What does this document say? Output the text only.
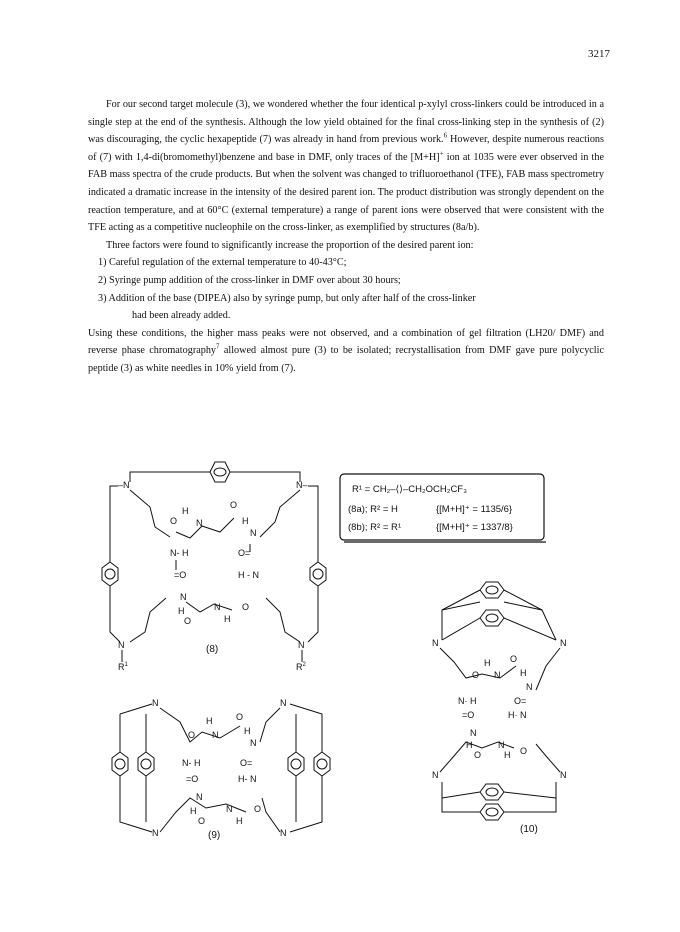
3217

For our second target molecule (3), we wondered whether the four identical p-xylyl cross-linkers could be introduced in a single step at the end of the synthesis. Although the low yield obtained for the final cross-linking step in the synthesis of (2) was discouraging, the cyclic hexapeptide (7) was already in hand from previous work.$^6$ However, despite numerous reactions of (7) with 1,4-di(bromomethyl)benzene and base in DMF, only traces of the [M+H]+ ion at 1035 were ever observed in the FAB mass spectra of the crude products. But when the solvent was changed to trifluoroethanol (TFE), FAB mass spectrometry indicated a dramatic increase in the intensity of the desired parent ion. The product distribution was strongly dependent on the reaction temperature, and at 60°C (external temperature) a range of parent ions were observed that were consistent with the TFE acting as a competitive nucleophile on the cross-linker, as exemplified by structures (8a/b).

Three factors were found to significantly increase the proportion of the desired parent ion:

1) Careful regulation of the external temperature to 40-43°C;
2) Syringe pump addition of the cross-linker in DMF over about 30 hours;
3) Addition of the base (DIPEA) also by syringe pump, but only after half of the cross-linker
had been already added.

Using these conditions, the higher mass peaks were not observed, and a combination of gel filtration (LH20/ DMF) and reverse phase chromatography$^7$ allowed almost pure (3) to be isolated; recrystallisation from DMF gave pure polycyclic peptide (3) as white needles in 10% yield from (7).

–N	N–
N
$R^1$
N
$R^2$
H
O
O N	H
N
N- H	O=
=O	H - N
N
H
O
N
H
O
(8)
R¹ = CH₂–⟨⟩–CH₂OCH₂CF₃
(8a); R² = H	{[M+H]⁺ = 1135/6}
(8b); R² = R¹	{[M+H]⁺ = 1337/8}
N	N
N	N
H	O
O N	H
N
N- H	O=
=O	H- N
N
H
O
N
H
O
(9)
N	N
H O
O N H
N
N· H	O=
=O	H· N
N
H
O
N
H O
N	N
(10)
